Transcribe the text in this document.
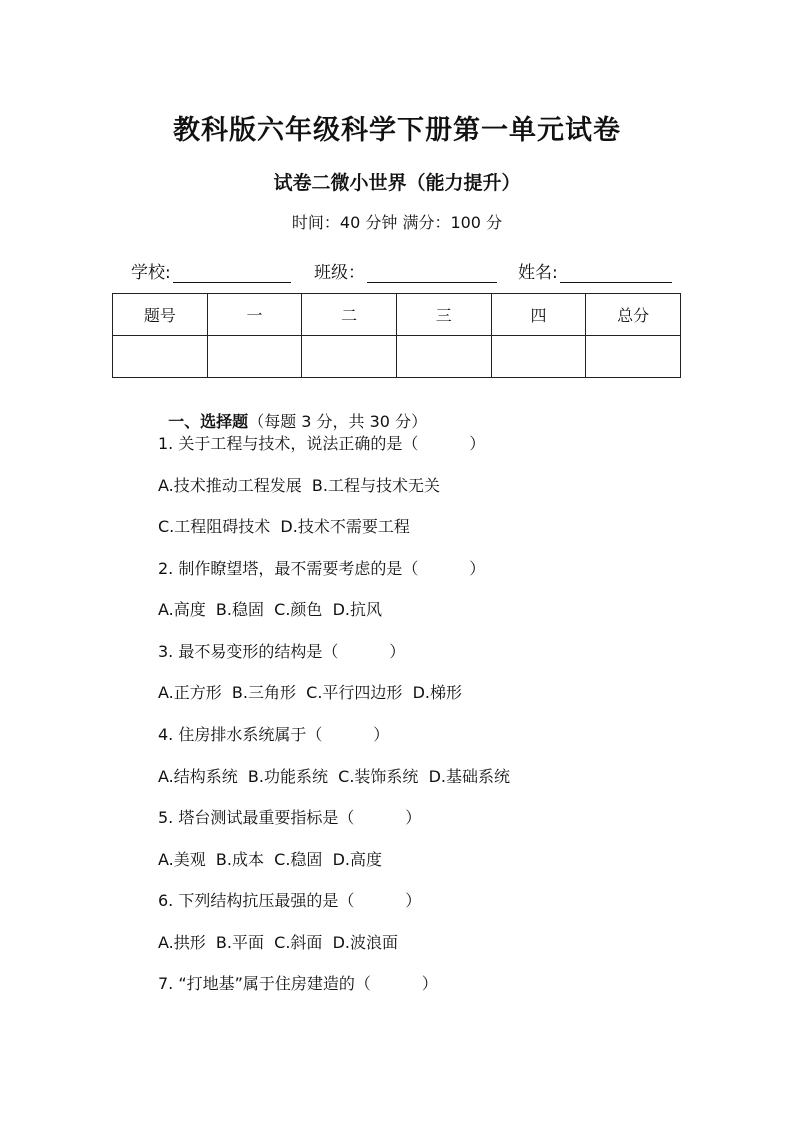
教科版六年级科学下册第一单元试卷
试卷二微小世界（能力提升）
时间：40 分钟 满分：100 分
学校:	班级：	姓名:
题号	一	二	三	四	总分

一、选择题（每题 3 分，共 30 分）

1. 关于工程与技术，说法正确的是（          ）
A.技术推动工程发展  B.工程与技术无关
C.工程阻碍技术  D.技术不需要工程
2. 制作瞭望塔，最不需要考虑的是（          ）
A.高度  B.稳固  C.颜色  D.抗风
3. 最不易变形的结构是（          ）
A.正方形  B.三角形  C.平行四边形  D.梯形
4. 住房排水系统属于（          ）
A.结构系统  B.功能系统  C.装饰系统  D.基础系统
5. 塔台测试最重要指标是（          ）
A.美观  B.成本  C.稳固  D.高度
6. 下列结构抗压最强的是（          ）
A.拱形  B.平面  C.斜面  D.波浪面
7. “打地基”属于住房建造的（          ）
